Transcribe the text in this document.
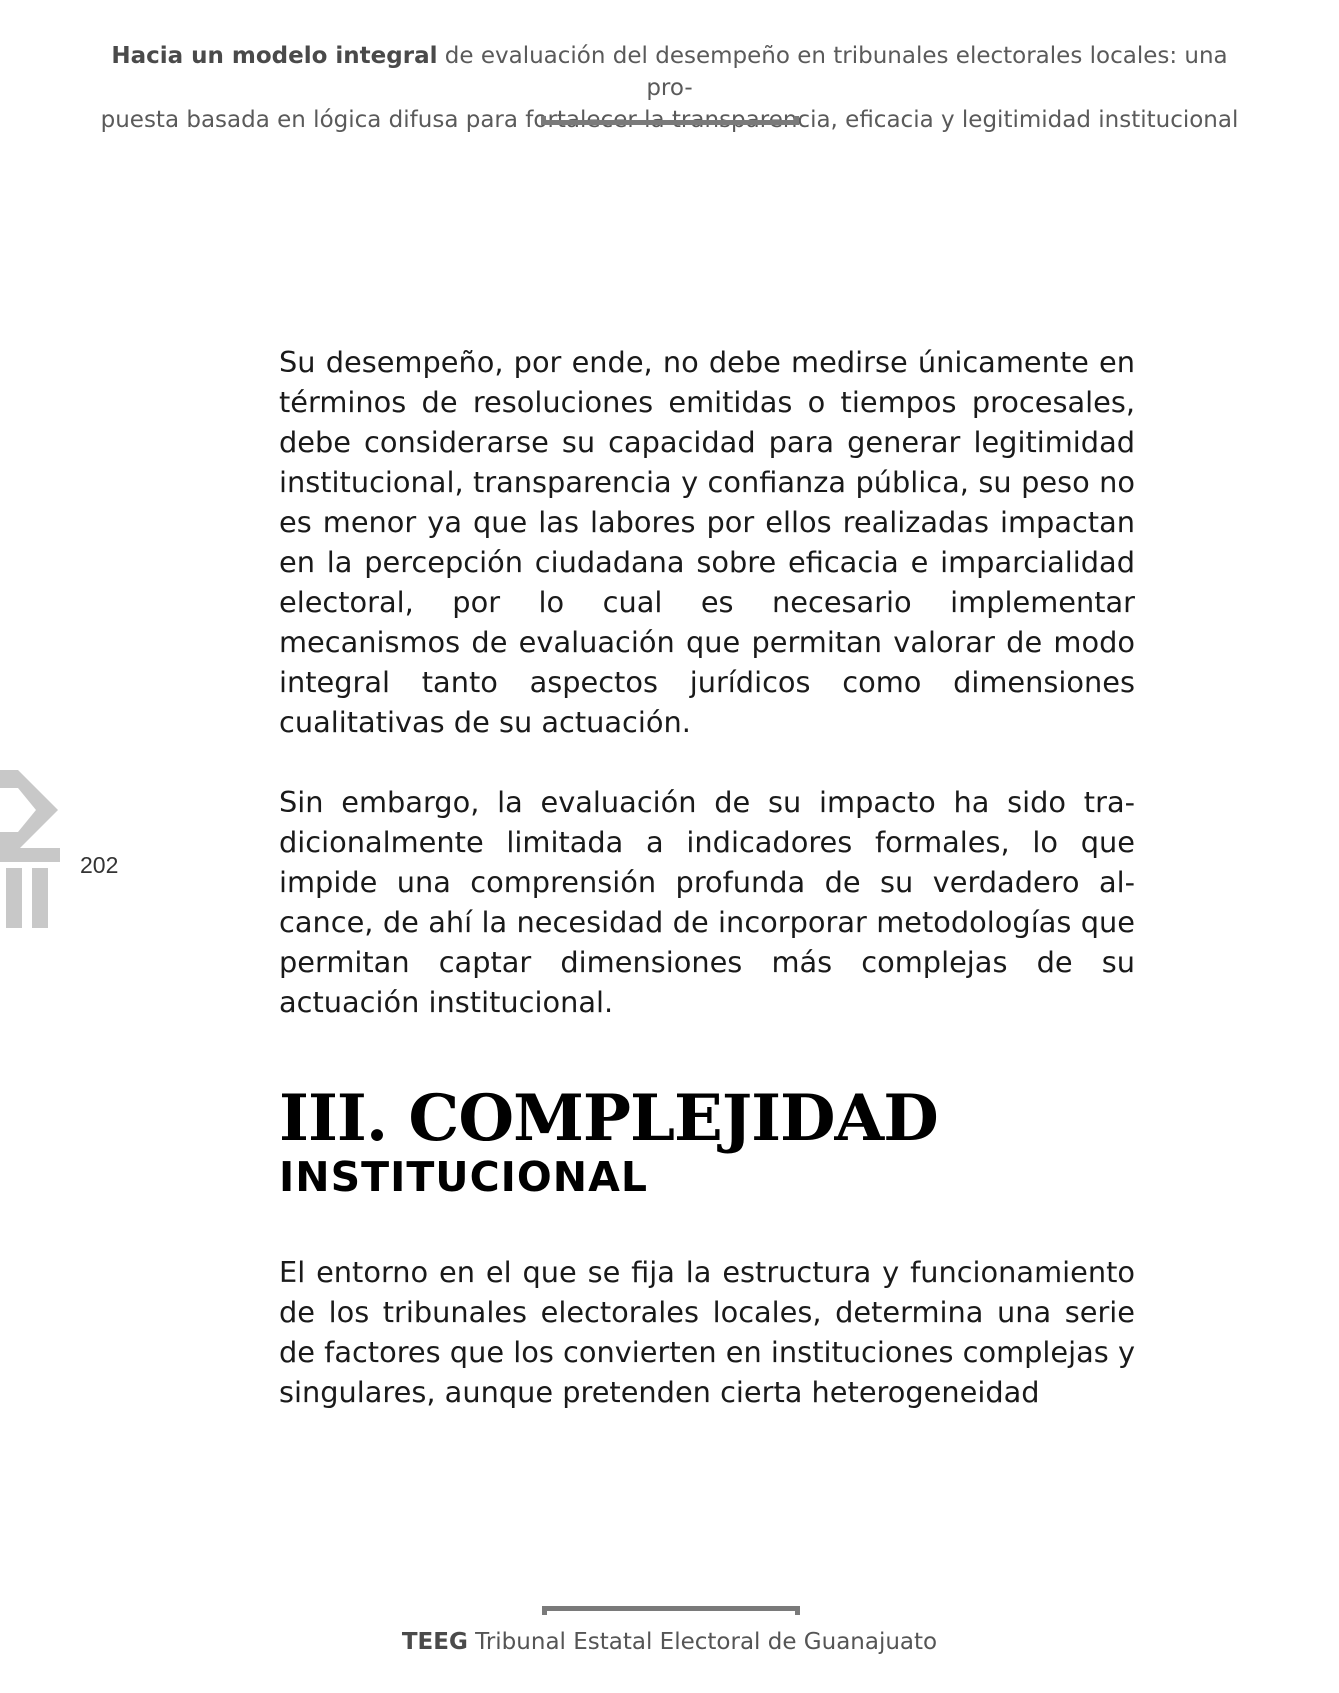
Hacia un modelo integral de evaluación del desempeño en tribunales electorales locales: una pro-
puesta basada en lógica difusa para fortalecer la transparencia, eficacia y legitimidad institucional
202

Su desempeño, por ende, no debe medirse únicamente en términos de resoluciones emitidas o tiempos procesales, debe considerarse su capacidad para generar legitimidad institucional, transparencia y confianza pública, su peso no es menor ya que las labores por ellos realizadas impactan en la percepción ciudadana sobre eficacia e imparcialidad electoral, por lo cual es necesario implementar mecanismos de evaluación que permitan valorar de modo integral tanto aspectos jurídicos como dimensiones cualitativas de su actuación.

Sin embargo, la evaluación de su impacto ha sido tradicionalmente limitada a indicadores formales, lo que impide una comprensión profunda de su verdadero alcance, de ahí la necesidad de incorporar metodologías que permitan captar dimensiones más complejas de su actuación institucional.

III. COMPLEJIDAD
INSTITUCIONAL

El entorno en el que se fija la estructura y funcionamiento de los tribunales electorales locales, determina una serie de factores que los convierten en instituciones complejas y singulares, aunque pretenden cierta heterogeneidad

TEEG Tribunal Estatal Electoral de Guanajuato
